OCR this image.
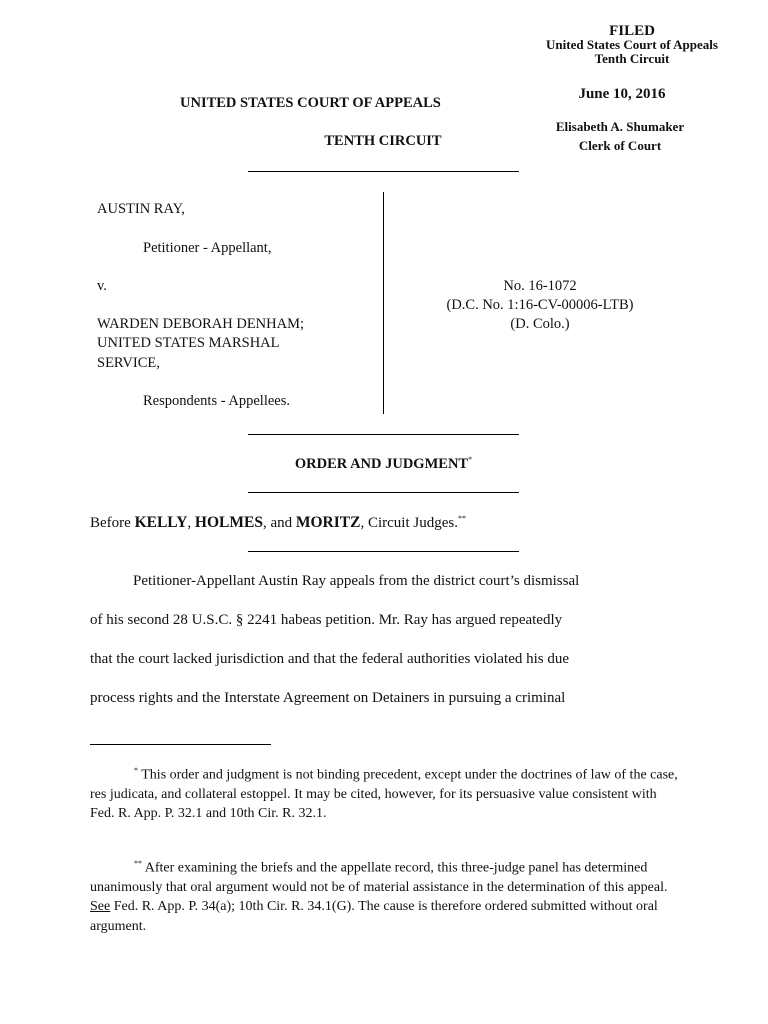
FILED
United States Court of Appeals
Tenth Circuit
June 10, 2016
Elisabeth A. Shumaker
Clerk of Court
UNITED STATES COURT OF APPEALS
TENTH CIRCUIT
AUSTIN RAY,
Petitioner - Appellant,
v.
WARDEN DEBORAH DENHAM;
UNITED STATES MARSHAL
SERVICE,
Respondents - Appellees.
No. 16-1072
(D.C. No. 1:16-CV-00006-LTB)
(D. Colo.)
ORDER AND JUDGMENT*
Before KELLY, HOLMES, and MORITZ, Circuit Judges.**
Petitioner-Appellant Austin Ray appeals from the district court’s dismissal
of his second 28 U.S.C. § 2241 habeas petition. Mr. Ray has argued repeatedly
that the court lacked jurisdiction and that the federal authorities violated his due
process rights and the Interstate Agreement on Detainers in pursuing a criminal

* This order and judgment is not binding precedent, except under the doctrines of law of the case, res judicata, and collateral estoppel. It may be cited, however, for its persuasive value consistent with Fed. R. App. P. 32.1 and 10th Cir. R. 32.1.

** After examining the briefs and the appellate record, this three-judge panel has determined unanimously that oral argument would not be of material assistance in the determination of this appeal. See Fed. R. App. P. 34(a); 10th Cir. R. 34.1(G). The cause is therefore ordered submitted without oral argument.
